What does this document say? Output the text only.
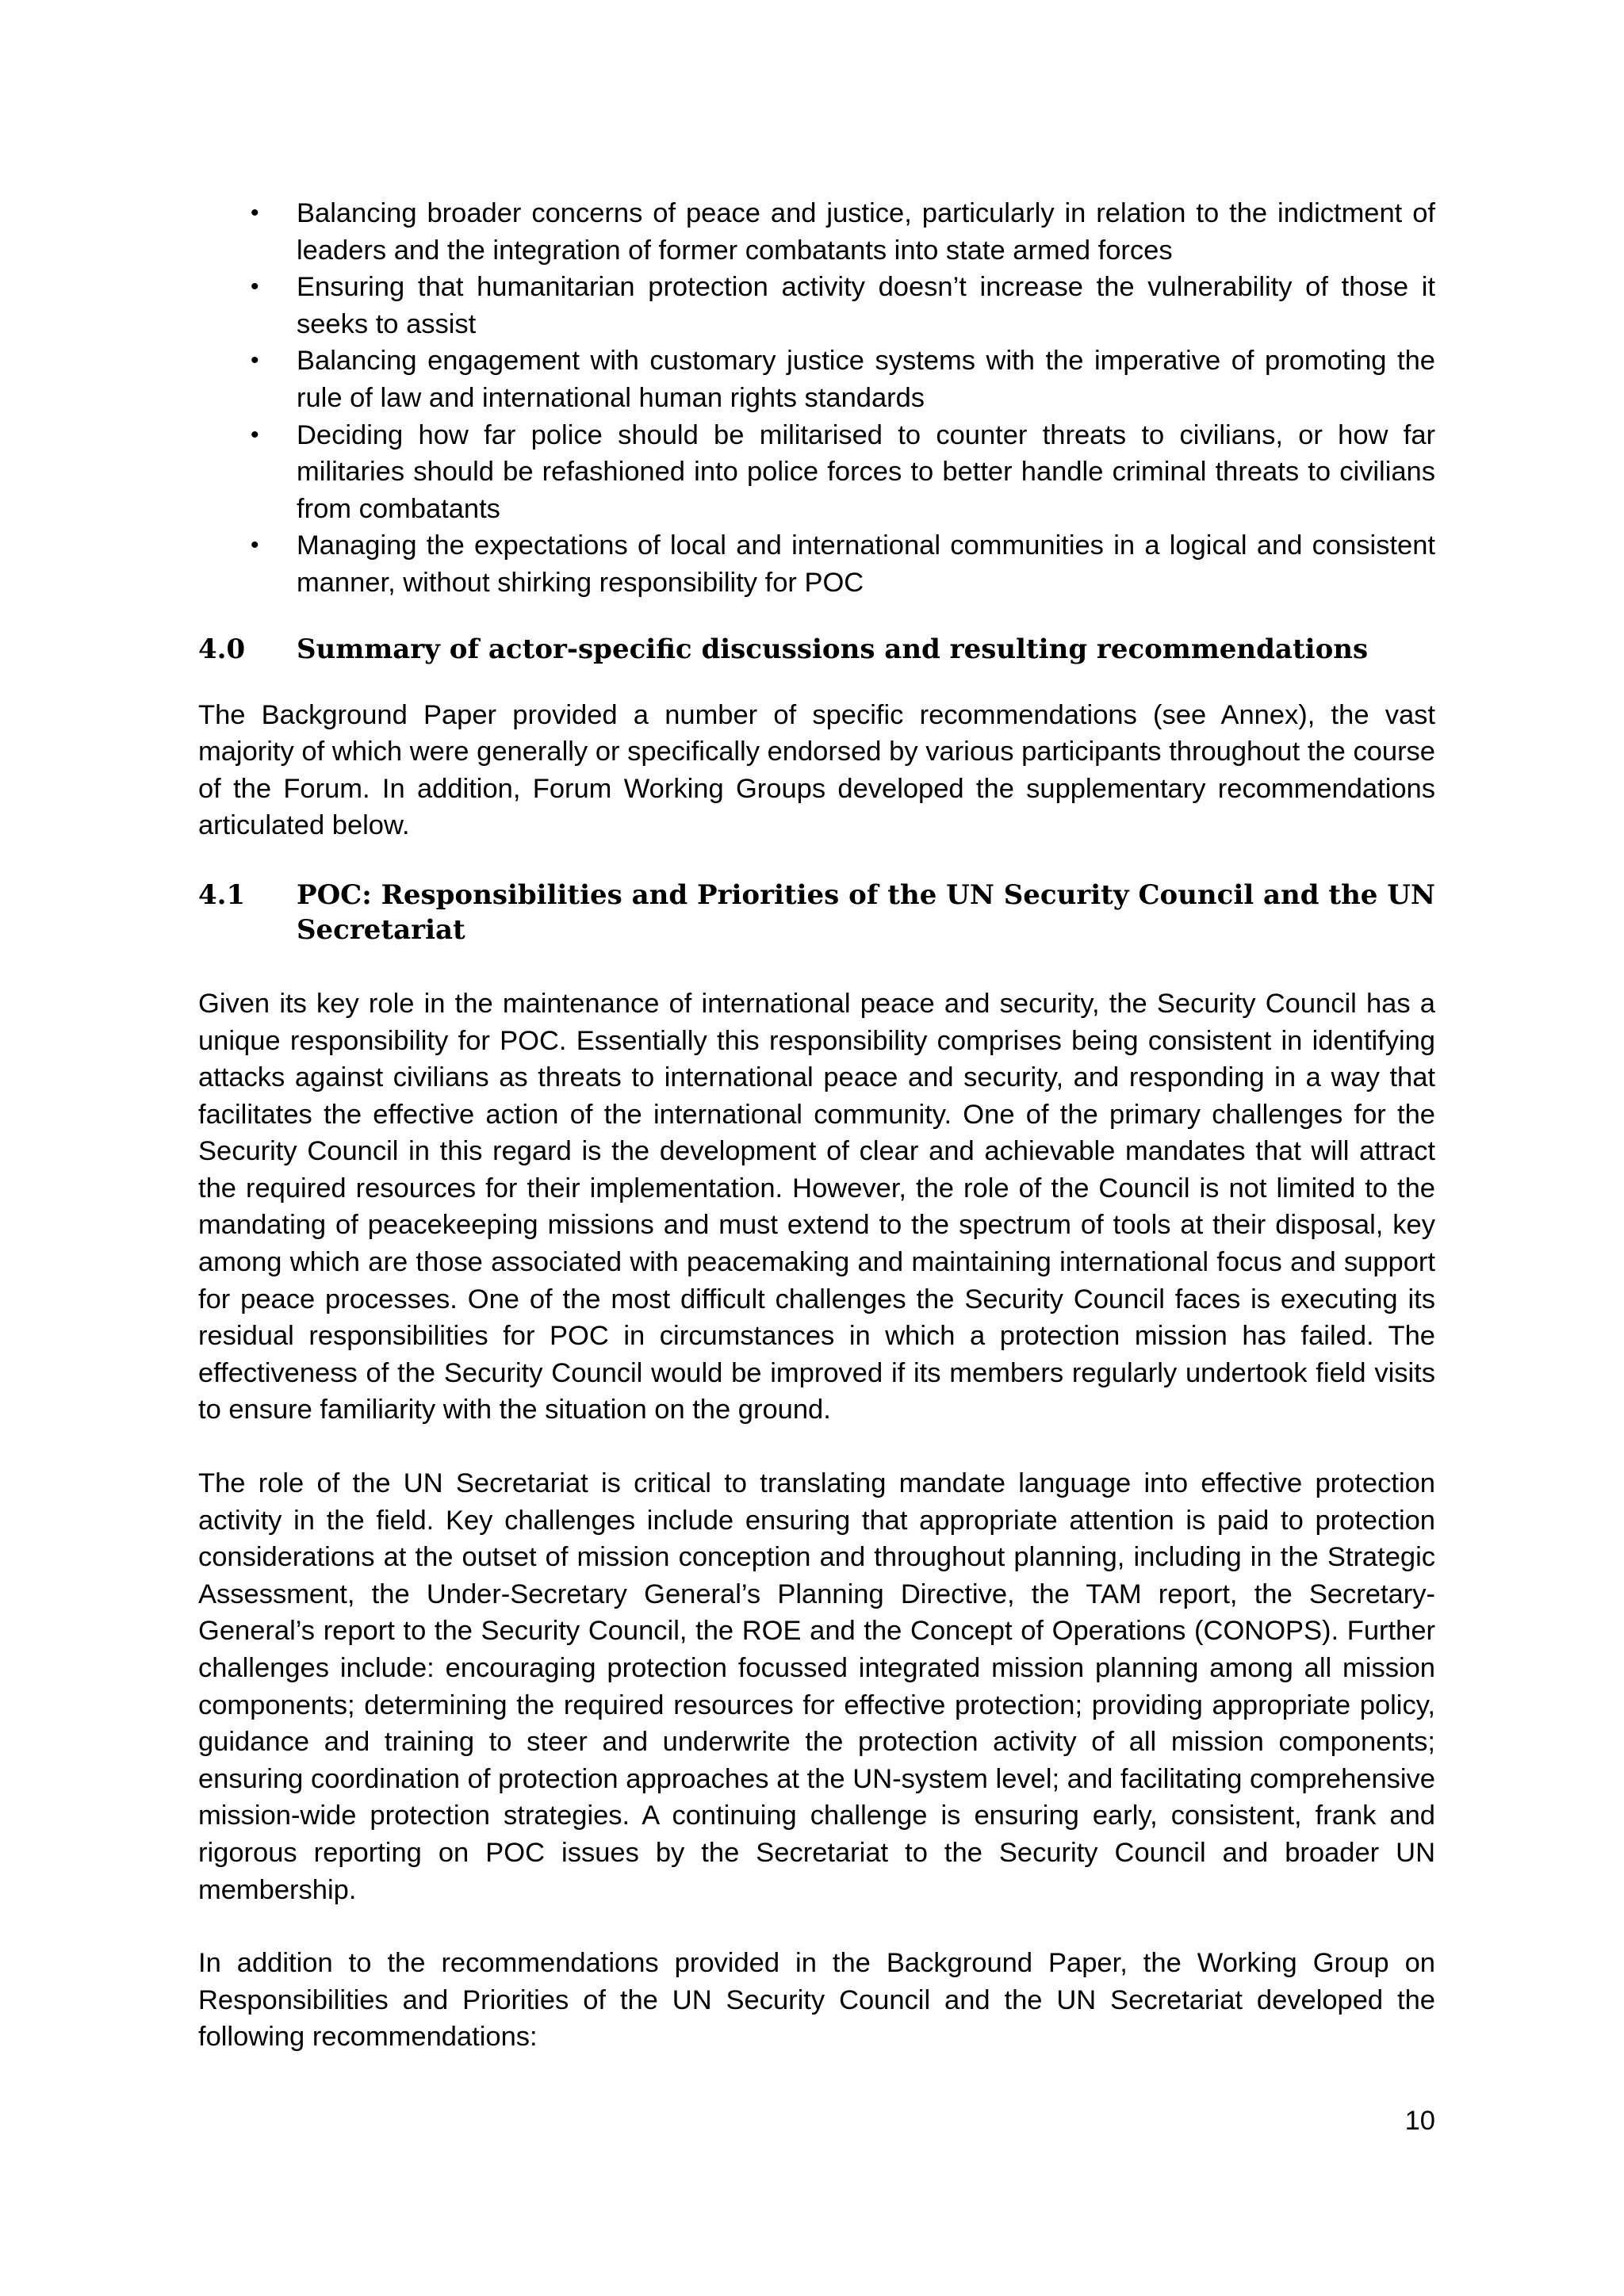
• Balancing broader concerns of peace and justice, particularly in relation to the indictment of leaders and the integration of former combatants into state armed forces
• Ensuring that humanitarian protection activity doesn’t increase the vulnerability of those it seeks to assist
• Balancing engagement with customary justice systems with the imperative of promoting the rule of law and international human rights standards
• Deciding how far police should be militarised to counter threats to civilians, or how far militaries should be refashioned into police forces to better handle criminal threats to civilians from combatants
• Managing the expectations of local and international communities in a logical and consistent manner, without shirking responsibility for POC
4.0	Summary of actor-specific discussions and resulting recommendations

The Background Paper provided a number of specific recommendations (see Annex), the vast majority of which were generally or specifically endorsed by various participants throughout the course of the Forum. In addition, Forum Working Groups developed the supplementary recommendations articulated below.

4.1	POC: Responsibilities and Priorities of the UN Security Council and the UN Secretariat

Given its key role in the maintenance of international peace and security, the Security Council has a unique responsibility for POC. Essentially this responsibility comprises being consistent in identifying attacks against civilians as threats to international peace and security, and responding in a way that facilitates the effective action of the international community. One of the primary challenges for the Security Council in this regard is the development of clear and achievable mandates that will attract the required resources for their implementation. However, the role of the Council is not limited to the mandating of peacekeeping missions and must extend to the spectrum of tools at their disposal, key among which are those associated with peacemaking and maintaining international focus and support for peace processes. One of the most difficult challenges the Security Council faces is executing its residual responsibilities for POC in circumstances in which a protection mission has failed. The effectiveness of the Security Council would be improved if its members regularly undertook field visits to ensure familiarity with the situation on the ground.

The role of the UN Secretariat is critical to translating mandate language into effective protection activity in the field. Key challenges include ensuring that appropriate attention is paid to protection considerations at the outset of mission conception and throughout planning, including in the Strategic Assessment, the Under-Secretary General’s Planning Directive, the TAM report, the Secretary-General’s report to the Security Council, the ROE and the Concept of Operations (CONOPS). Further challenges include: encouraging protection focussed integrated mission planning among all mission components; determining the required resources for effective protection; providing appropriate policy, guidance and training to steer and underwrite the protection activity of all mission components; ensuring coordination of protection approaches at the UN-system level; and facilitating comprehensive mission-wide protection strategies. A continuing challenge is ensuring early, consistent, frank and rigorous reporting on POC issues by the Secretariat to the Security Council and broader UN membership.

In addition to the recommendations provided in the Background Paper, the Working Group on Responsibilities and Priorities of the UN Security Council and the UN Secretariat developed the following recommendations:

10
